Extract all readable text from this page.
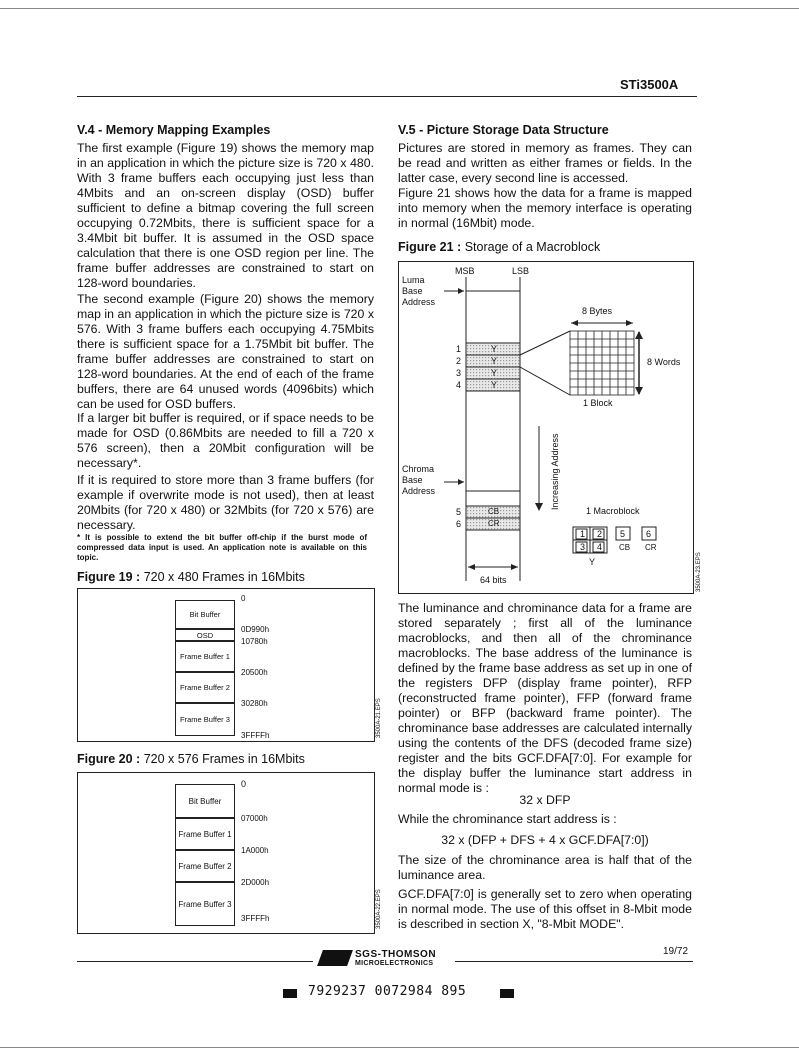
STi3500A
V.4 - Memory Mapping Examples
The first example (Figure 19) shows the memory map in an application in which the picture size is 720 x 480. With 3 frame buffers each occupying just less than 4Mbits and an on-screen display (OSD) buffer sufficient to define a bitmap covering the full screen occupying 0.72Mbits, there is sufficient space for a 3.4Mbit bit buffer. It is assumed in the OSD space calculation that there is one OSD region per line. The frame buffer addresses are constrained to start on 128-word boundaries.
The second example (Figure 20) shows the memory map in an application in which the picture size is 720 x 576. With 3 frame buffers each occupying 4.75Mbits there is sufficient space for a 1.75Mbit bit buffer. The frame buffer addresses are constrained to start on 128-word boundaries. At the end of each of the frame buffers, there are 64 unused words (4096bits) which can be used for OSD buffers.
If a larger bit buffer is required, or if space needs to be made for OSD (0.86Mbits are needed to fill a 720 x 576 screen), then a 20Mbit configuration will be necessary*.
If it is required to store more than 3 frame buffers (for example if overwrite mode is not used), then at least 20Mbits (for 720 x 480) or 32Mbits (for 720 x 576) are necessary.
* It is possible to extend the bit buffer off-chip if the burst mode of compressed data input is used. An application note is available on this topic.
Figure 19 : 720 x 480 Frames in 16Mbits
Bit Buffer
OSD
Frame Buffer 1
Frame Buffer 2
Frame Buffer 3
0
0D990h
10780h
20500h
30280h
3FFFFh	3500A-21.EPS
Figure 20 : 720 x 576 Frames in 16Mbits
Bit Buffer
Frame Buffer 1
Frame Buffer 2
Frame Buffer 3
0
07000h
1A000h
2D000h
3FFFFh	3500A-22.EPS
V.5 - Picture Storage Data Structure
Pictures are stored in memory as frames. They can be read and written as either frames or fields. In the latter case, every second line is accessed.
Figure 21 shows how the data for a frame is mapped into memory when the memory interface is operating in normal (16Mbit) mode.
Figure 21 : Storage of a Macroblock
MSB	LSB
Luma
Base
Address
Chroma
Base
Address
1
2
3
4
5
6
Y
Y
Y
Y
CB
CR
8 Bytes
8 Words
1 Block
Increasing Address
1 Macroblock
1 2
3 4
5 6
CB CR
Y
64 bits	3500A-23.EPS
The luminance and chrominance data for a frame are stored separately ; first all of the luminance macroblocks, and then all of the chrominance macroblocks. The base address of the luminance is defined by the frame base address as set up in one of the registers DFP (display frame pointer), RFP (reconstructed frame pointer), FFP (forward frame pointer) or BFP (backward frame pointer). The chrominance base addresses are calculated internally using the contents of the DFS (decoded frame size) register and the bits GCF.DFA[7:0]. For example for the display buffer the luminance start address in normal mode is :
32 x DFP
While the chrominance start address is :
32 x (DFP + DFS + 4 x GCF.DFA[7:0])
The size of the chrominance area is half that of the luminance area.
GCF.DFA[7:0] is generally set to zero when operating in normal mode. The use of this offset in 8-Mbit mode is described in section X, "8-Mbit MODE".
SGS-THOMSON
MICROELECTRONICS
19/72
7929237 0072984 895
